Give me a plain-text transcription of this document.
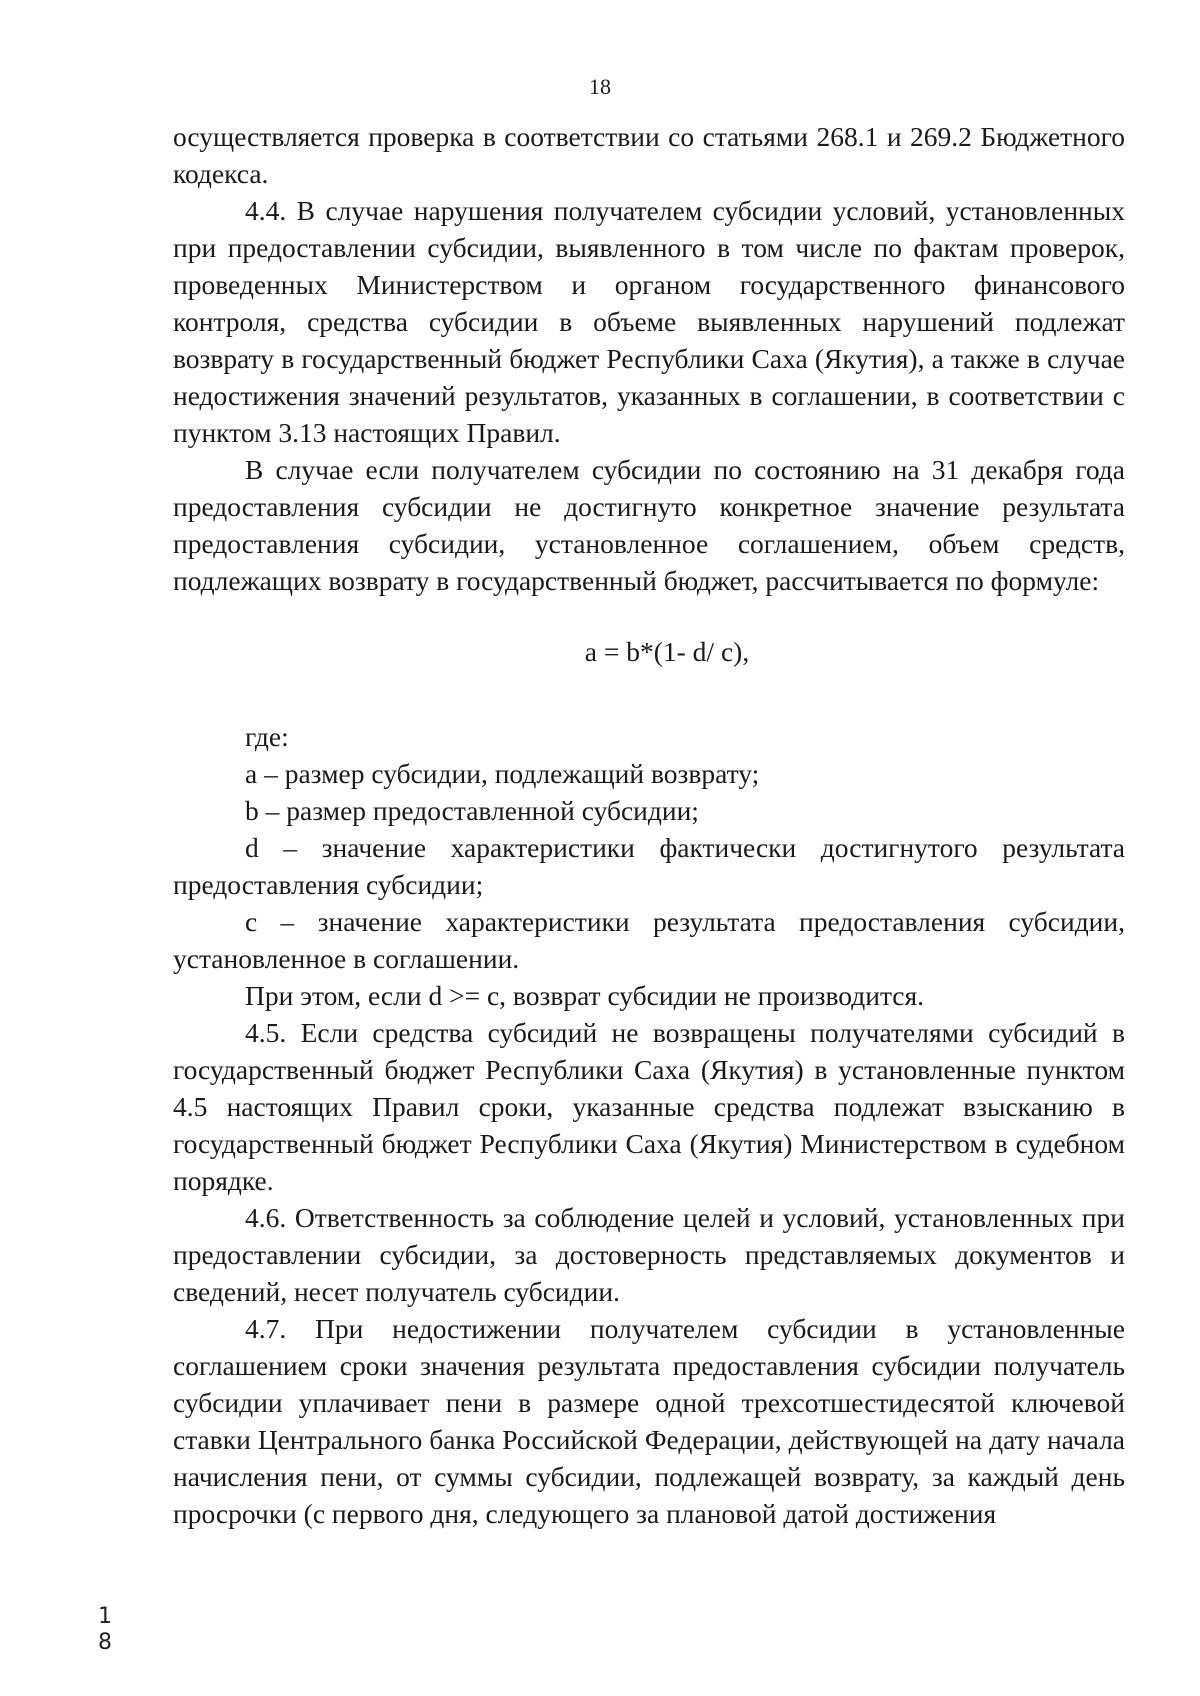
18

осуществляется проверка в соответствии со статьями 268.1 и 269.2 Бюджетного кодекса.

4.4. В случае нарушения получателем субсидии условий, установленных при предоставлении субсидии, выявленного в том числе по фактам проверок, проведенных Министерством и органом государственного финансового контроля, средства субсидии в объеме выявленных нарушений подлежат возврату в государственный бюджет Республики Саха (Якутия), а также в случае недостижения значений результатов, указанных в соглашении, в соответствии с пунктом 3.13 настоящих Правил.

В случае если получателем субсидии по состоянию на 31 декабря года предоставления субсидии не достигнуто конкретное значение результата предоставления субсидии, установленное соглашением, объем средств, подлежащих возврату в государственный бюджет, рассчитывается по формуле:

a = b*(1- d/ c),

где:

a – размер субсидии, подлежащий возврату;

b – размер предоставленной субсидии;

d – значение характеристики фактически достигнутого результата предоставления субсидии;

c – значение характеристики результата предоставления субсидии, установленное в соглашении.

При этом, если d >= c, возврат субсидии не производится.

4.5. Если средства субсидий не возвращены получателями субсидий в государственный бюджет Республики Саха (Якутия) в установленные пунктом 4.5 настоящих Правил сроки, указанные средства подлежат взысканию в государственный бюджет Республики Саха (Якутия) Министерством в судебном порядке.

4.6. Ответственность за соблюдение целей и условий, установленных при предоставлении субсидии, за достоверность представляемых документов и сведений, несет получатель субсидии.

4.7. При недостижении получателем субсидии в установленные соглашением сроки значения результата предоставления субсидии получатель субсидии уплачивает пени в размере одной трехсотшестидесятой ключевой ставки Центрального банка Российской Федерации, действующей на дату начала начисления пени, от суммы субсидии, подлежащей возврату, за каждый день просрочки (с первого дня, следующего за плановой датой достижения

1
8
